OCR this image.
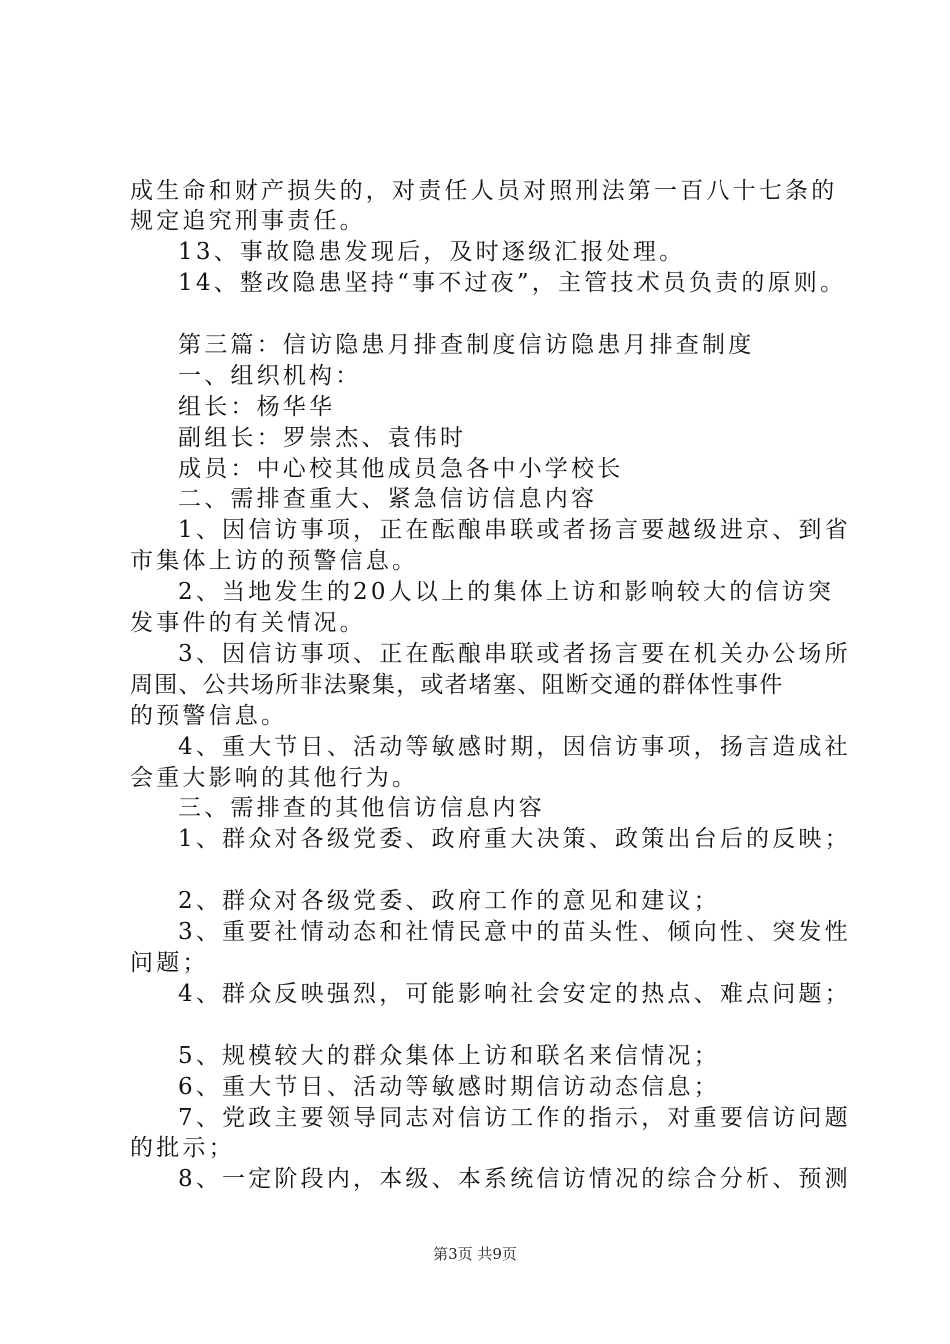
成生命和财产损失的，对责任人员对照刑法第一百八十七条的
规定追究刑事责任。
13、事故隐患发现后，及时逐级汇报处理。
14、整改隐患坚持“事不过夜”，主管技术员负责的原则。
第三篇：信访隐患月排查制度信访隐患月排查制度
一、组织机构：
组长：杨华华
副组长：罗崇杰、袁伟时
成员：中心校其他成员急各中小学校长
二、需排查重大、紧急信访信息内容
1、因信访事项，正在酝酿串联或者扬言要越级进京、到省
市集体上访的预警信息。
2、当地发生的20人以上的集体上访和影响较大的信访突
发事件的有关情况。
3、因信访事项、正在酝酿串联或者扬言要在机关办公场所
周围、公共场所非法聚集，或者堵塞、阻断交通的群体性事件
的预警信息。
4、重大节日、活动等敏感时期，因信访事项，扬言造成社
会重大影响的其他行为。
三、需排查的其他信访信息内容
1、群众对各级党委、政府重大决策、政策出台后的反映；
2、群众对各级党委、政府工作的意见和建议；
3、重要社情动态和社情民意中的苗头性、倾向性、突发性
问题；
4、群众反映强烈，可能影响社会安定的热点、难点问题；
5、规模较大的群众集体上访和联名来信情况；
6、重大节日、活动等敏感时期信访动态信息；
7、党政主要领导同志对信访工作的指示，对重要信访问题
的批示；
8、一定阶段内，本级、本系统信访情况的综合分析、预测
第3页 共9页
